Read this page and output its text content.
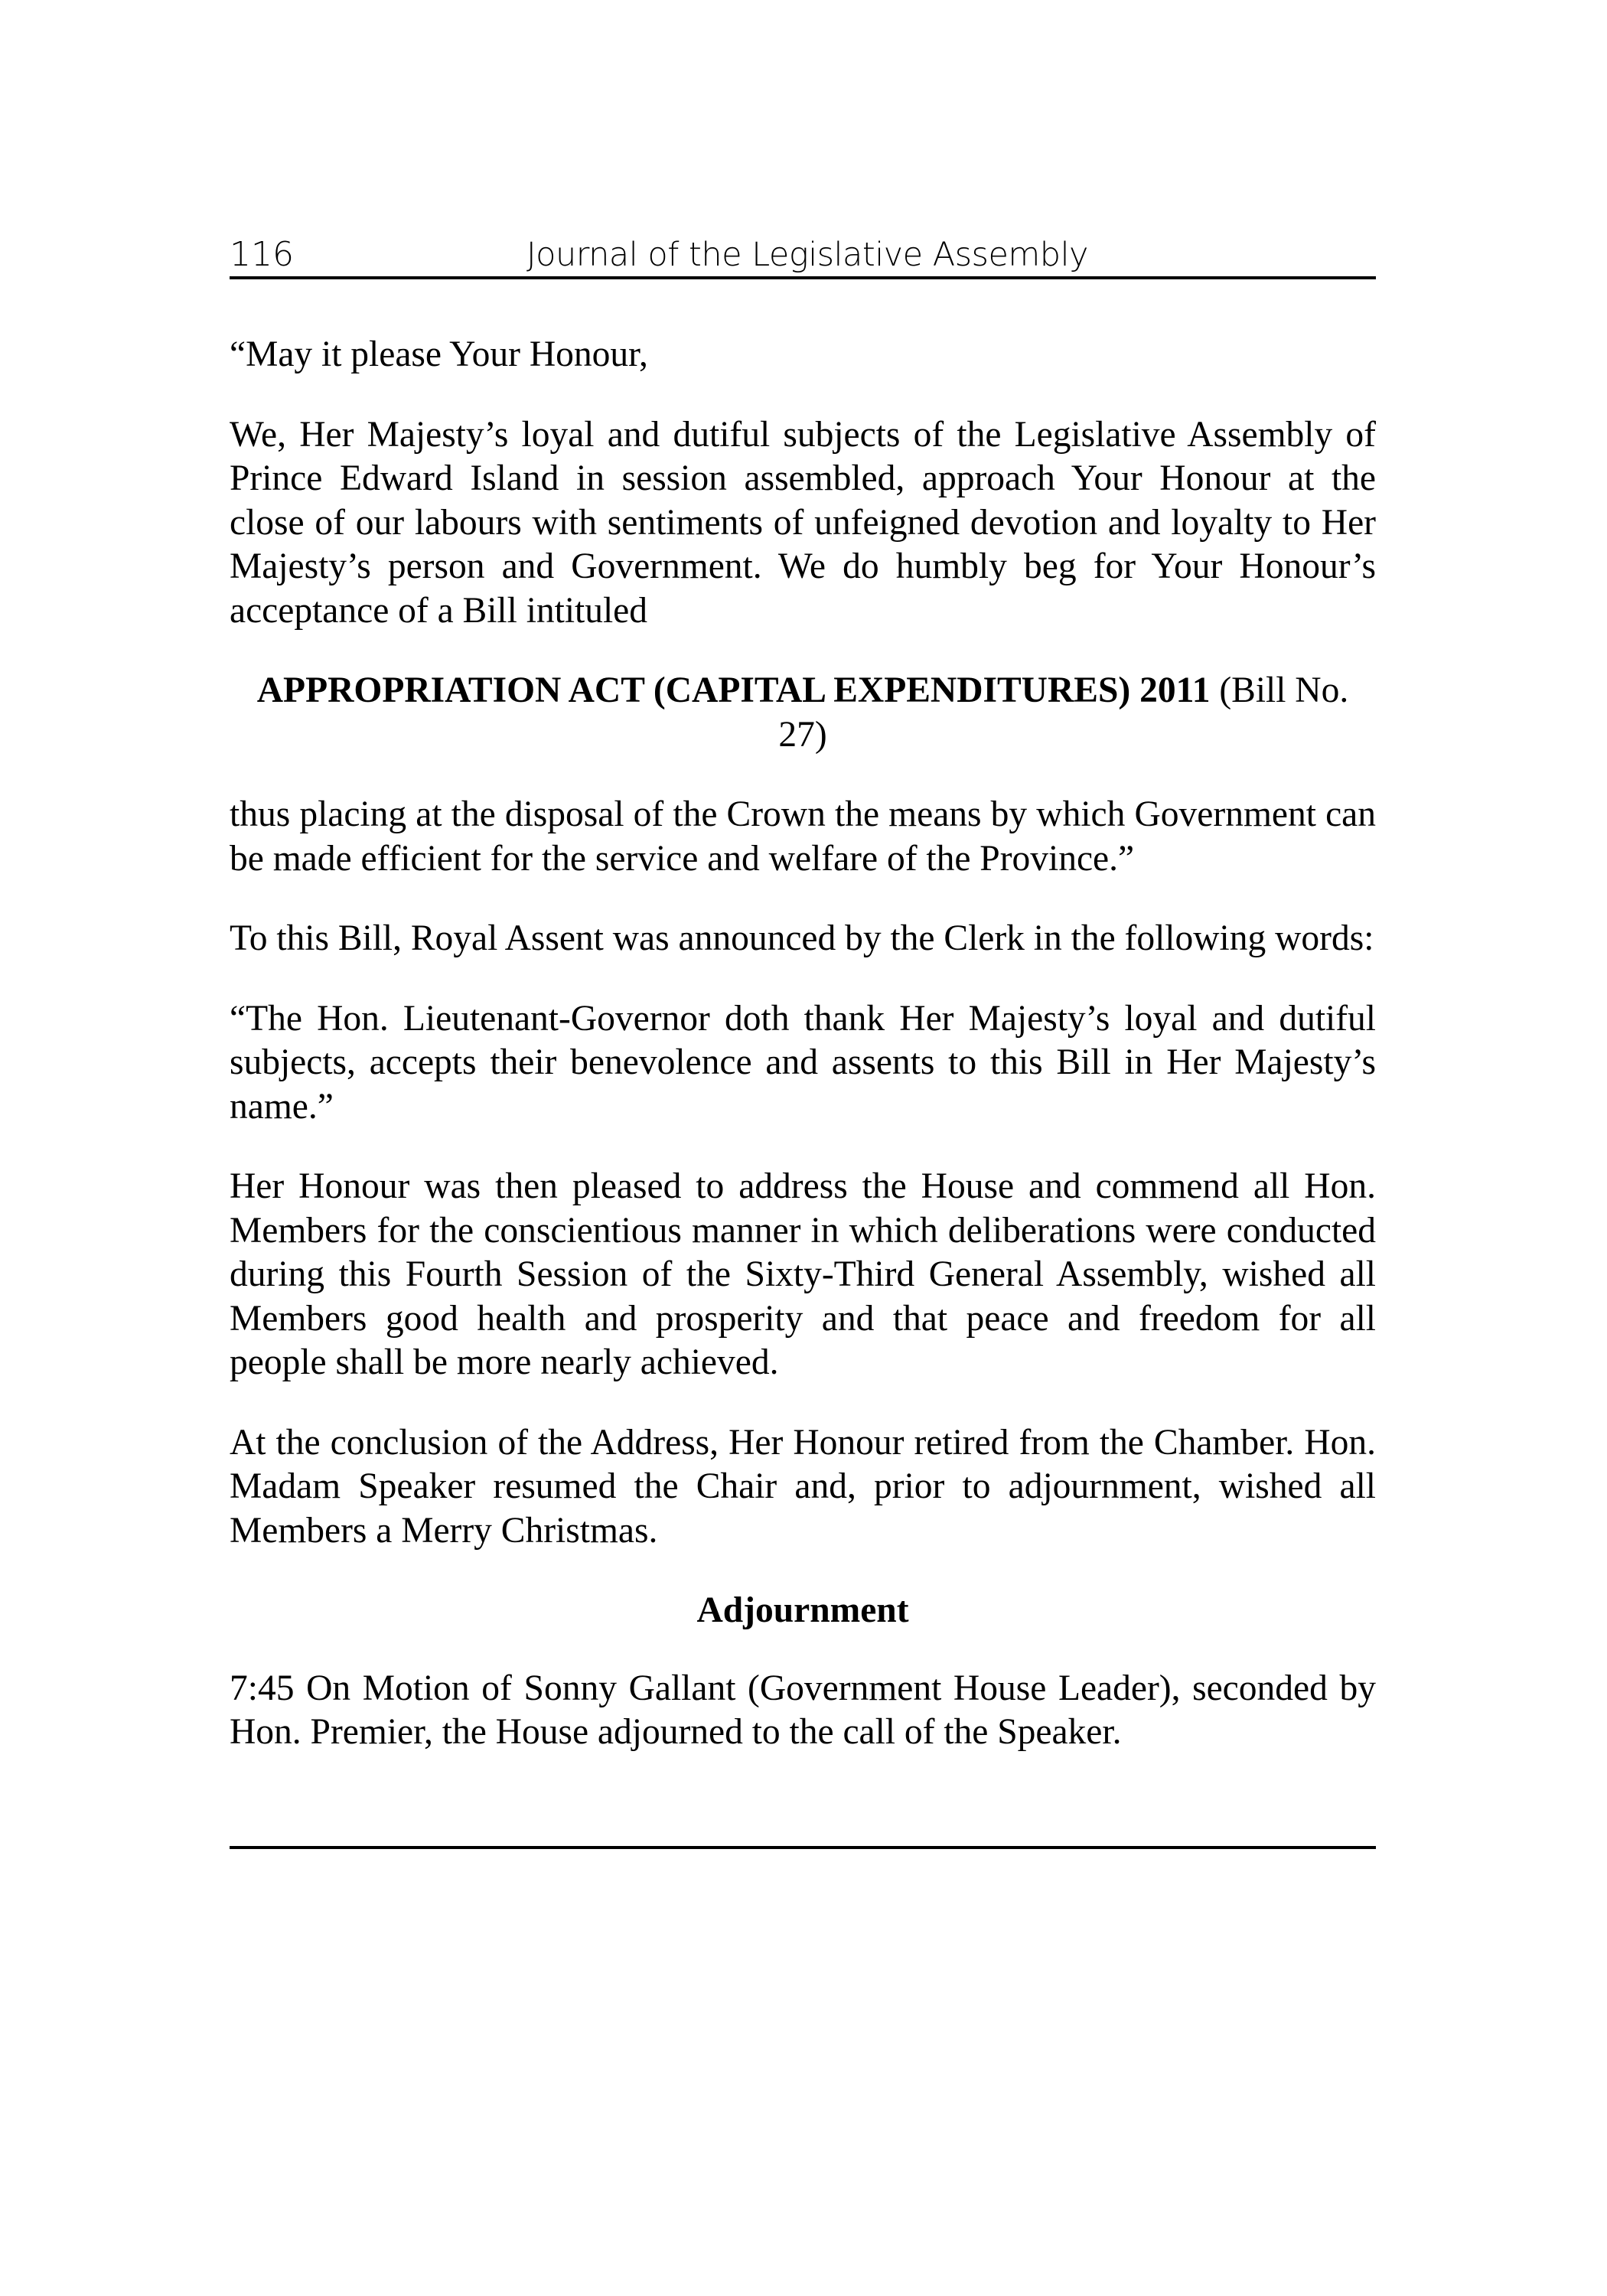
116	Journal of the Legislative Assembly

“May it please Your Honour,

We, Her Majesty’s loyal and dutiful subjects of the Legislative Assembly of Prince Edward Island in session assembled, approach Your Honour at the close of our labours with sentiments of unfeigned devotion and loyalty to Her Majesty’s person and Government. We do humbly beg for Your Honour’s acceptance of a Bill intituled

APPROPRIATION ACT (CAPITAL EXPENDITURES) 2011 (Bill No. 27)

thus placing at the disposal of the Crown the means by which Government can be made efficient for the service and welfare of the Province.”

To this Bill, Royal Assent was announced by the Clerk in the following words:

“The Hon. Lieutenant-Governor doth thank Her Majesty’s loyal and dutiful subjects, accepts their benevolence and assents to this Bill in Her Majesty’s name.”

Her Honour was then pleased to address the House and commend all Hon. Members for the conscientious manner in which deliberations were conducted during this Fourth Session of the Sixty-Third General Assembly, wished all Members good health and prosperity and that peace and freedom for all people shall be more nearly achieved.

At the conclusion of the Address, Her Honour retired from the Chamber. Hon. Madam Speaker resumed the Chair and, prior to adjournment, wished all Members a Merry Christmas.

Adjournment

7:45 On Motion of Sonny Gallant (Government House Leader), seconded by Hon. Premier, the House adjourned to the call of the Speaker.
